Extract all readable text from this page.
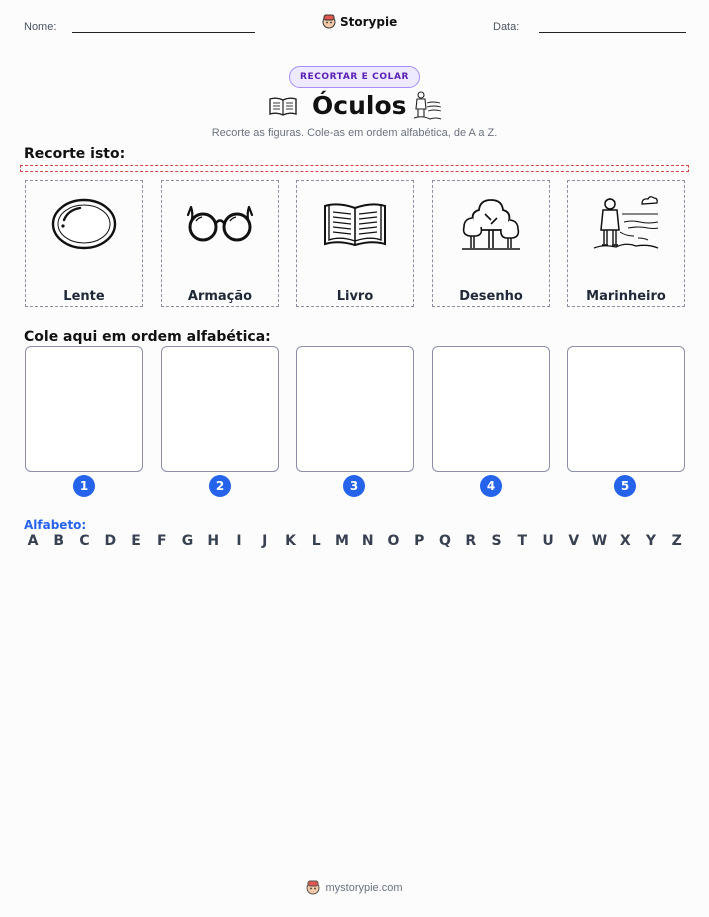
Nome:	Storypie	Data:
RECORTAR E COLAR
Óculos
Recorte as figuras. Cole-as em ordem alfabética, de A a Z.
Recorte isto:
Lente	Armação	Livro	Desenho	Marinheiro
Cole aqui em ordem alfabética:
1	2	3	4	5
Alfabeto:
A B C D	E	F	G H	I	J	K	L	M N O P Q R S	T	U V W X Y Z
mystorypie.com
